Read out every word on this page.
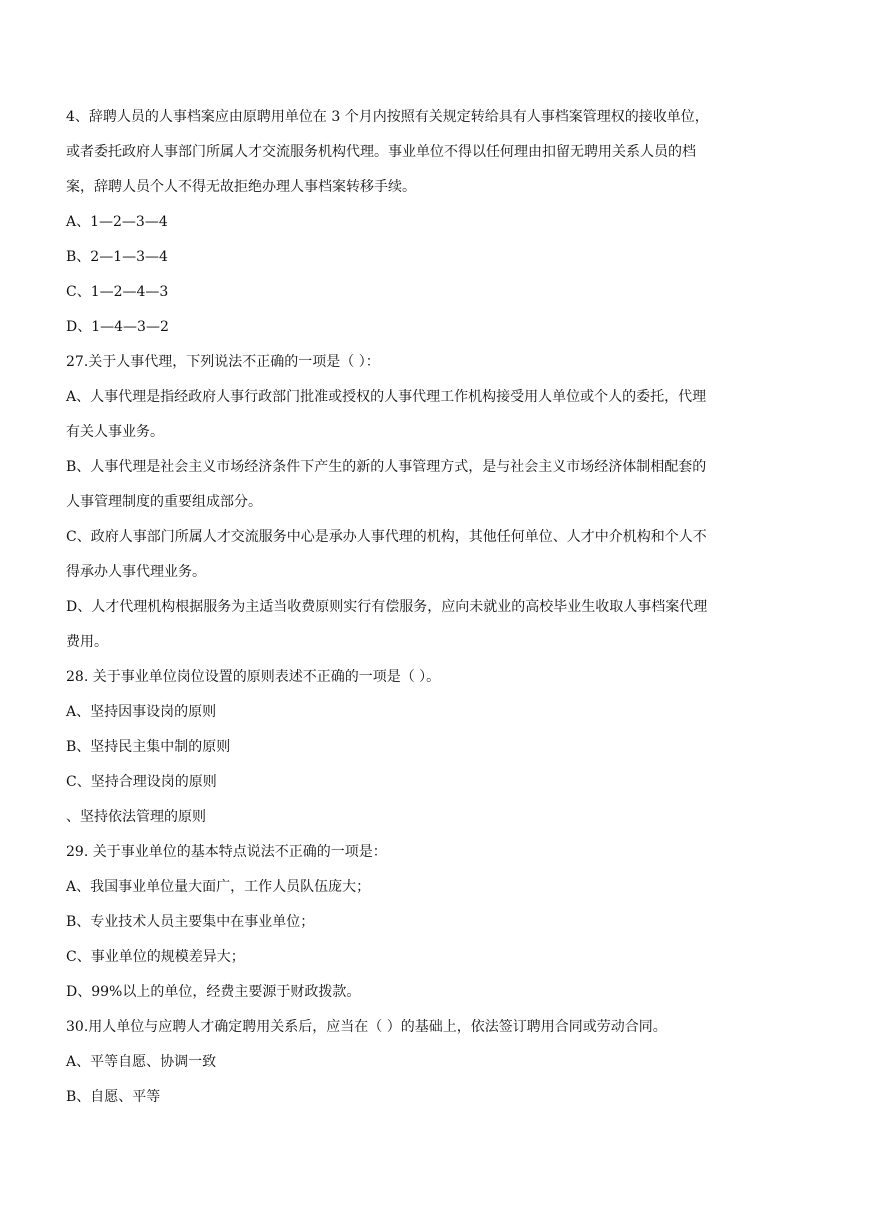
4、辞聘人员的人事档案应由原聘用单位在 3 个月内按照有关规定转给具有人事档案管理权的接收单位，
或者委托政府人事部门所属人才交流服务机构代理。事业单位不得以任何理由扣留无聘用关系人员的档
案，辞聘人员个人不得无故拒绝办理人事档案转移手续。
A、1—2—3—4
B、2—1—3—4
C、1—2—4—3
D、1—4—3—2
27.关于人事代理，下列说法不正确的一项是（ ）：
A、人事代理是指经政府人事行政部门批准或授权的人事代理工作机构接受用人单位或个人的委托，代理
有关人事业务。
B、人事代理是社会主义市场经济条件下产生的新的人事管理方式，是与社会主义市场经济体制相配套的
人事管理制度的重要组成部分。
C、政府人事部门所属人才交流服务中心是承办人事代理的机构，其他任何单位、人才中介机构和个人不
得承办人事代理业务。
D、人才代理机构根据服务为主适当收费原则实行有偿服务，应向未就业的高校毕业生收取人事档案代理
费用。
28. 关于事业单位岗位设置的原则表述不正确的一项是（ ）。
A、坚持因事设岗的原则
B、坚持民主集中制的原则
C、坚持合理设岗的原则
、坚持依法管理的原则
29. 关于事业单位的基本特点说法不正确的一项是：
A、我国事业单位量大面广，工作人员队伍庞大；
B、专业技术人员主要集中在事业单位；
C、事业单位的规模差异大；
D、99%以上的单位，经费主要源于财政拨款。
30.用人单位与应聘人才确定聘用关系后，应当在（ ）的基础上，依法签订聘用合同或劳动合同。
A、平等自愿、协调一致
B、自愿、平等
